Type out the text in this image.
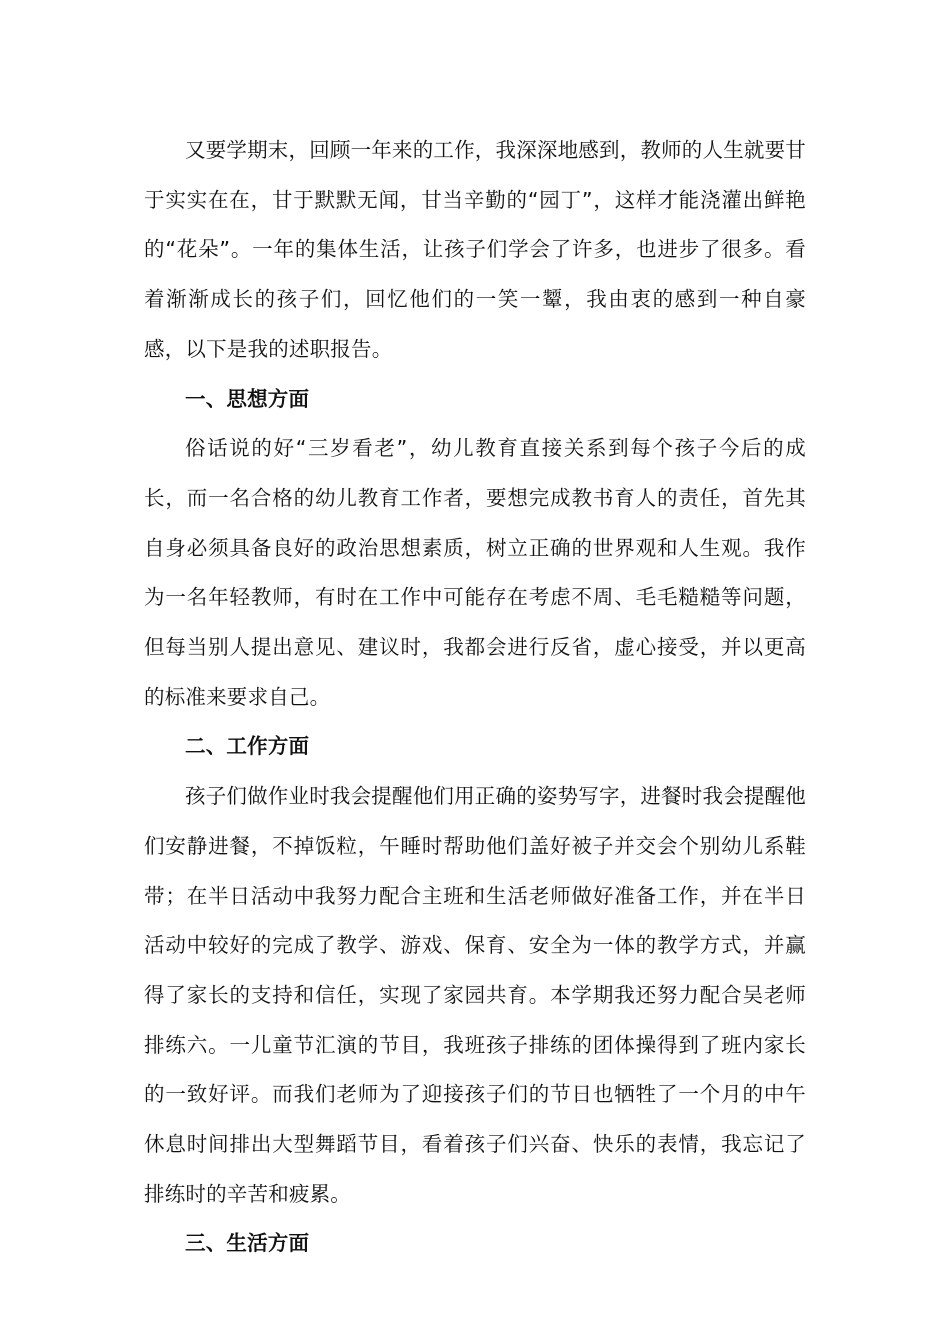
又要学期末，回顾一年来的工作，我深深地感到，教师的人生就要甘于实实在在，甘于默默无闻，甘当辛勤的“园丁”，这样才能浇灌出鲜艳的“花朵”。一年的集体生活，让孩子们学会了许多，也进步了很多。看着渐渐成长的孩子们，回忆他们的一笑一颦，我由衷的感到一种自豪感，以下是我的述职报告。

一、思想方面

俗话说的好“三岁看老”，幼儿教育直接关系到每个孩子今后的成长，而一名合格的幼儿教育工作者，要想完成教书育人的责任，首先其自身必须具备良好的政治思想素质，树立正确的世界观和人生观。我作为一名年轻教师，有时在工作中可能存在考虑不周、毛毛糙糙等问题，但每当别人提出意见、建议时，我都会进行反省，虚心接受，并以更高的标准来要求自己。

二、工作方面

孩子们做作业时我会提醒他们用正确的姿势写字，进餐时我会提醒他们安静进餐，不掉饭粒，午睡时帮助他们盖好被子并交会个别幼儿系鞋带；在半日活动中我努力配合主班和生活老师做好准备工作，并在半日活动中较好的完成了教学、游戏、保育、安全为一体的教学方式，并赢得了家长的支持和信任，实现了家园共育。本学期我还努力配合吴老师排练六。一儿童节汇演的节目，我班孩子排练的团体操得到了班内家长的一致好评。而我们老师为了迎接孩子们的节日也牺牲了一个月的中午休息时间排出大型舞蹈节目，看着孩子们兴奋、快乐的表情，我忘记了排练时的辛苦和疲累。

三、生活方面
